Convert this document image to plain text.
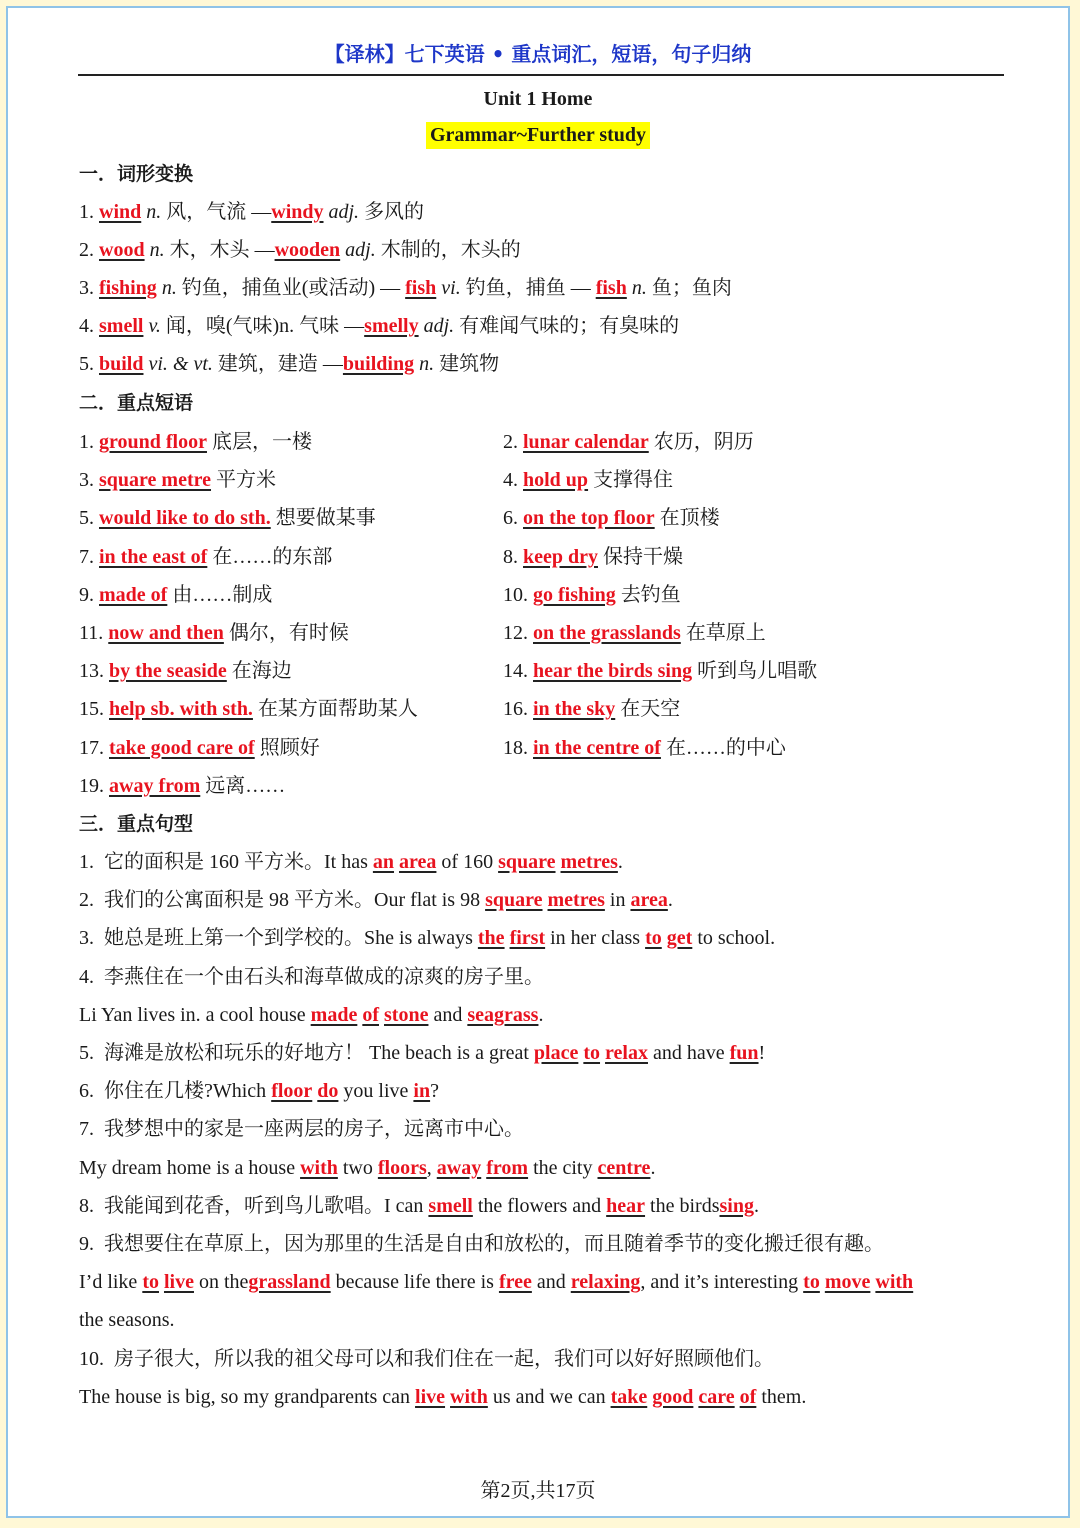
【译林】七下英语 • 重点词汇，短语，句子归纳
Unit 1 Home
Grammar~Further study
一．词形变换
1. wind n. 风，气流 —windy adj. 多风的
2. wood n. 木，木头 —wooden adj. 木制的，木头的
3. fishing n. 钓鱼，捕鱼业(或活动) — fish vi. 钓鱼，捕鱼 — fish n. 鱼；鱼肉
4. smell v. 闻，嗅(气味)n. 气味 —smelly adj. 有难闻气味的；有臭味的
5. build vi. & vt. 建筑，建造 —building n. 建筑物
二．重点短语
1. ground floor 底层，一楼	2. lunar calendar 农历，阴历
3. square metre 平方米	4. hold up 支撑得住
5. would like to do sth. 想要做某事	6. on the top floor 在顶楼
7. in the east of 在……的东部	8. keep dry 保持干燥
9. made of 由……制成	10. go fishing 去钓鱼
11. now and then 偶尔，有时候	12. on the grasslands 在草原上
13. by the seaside 在海边	14. hear the birds sing 听到鸟儿唱歌
15. help sb. with sth. 在某方面帮助某人	16. in the sky 在天空
17. take good care of 照顾好	18. in the centre of 在……的中心
19. away from 远离……
三．重点句型
1.  它的面积是 160 平方米。It has an area of 160 square metres.
2.  我们的公寓面积是 98 平方米。Our flat is 98 square metres in area.
3.  她总是班上第一个到学校的。She is always the first in her class to get to school.
4.  李燕住在一个由石头和海草做成的凉爽的房子里。
Li Yan lives in. a cool house made of stone and seagrass.
5.  海滩是放松和玩乐的好地方！ The beach is a great place to relax and have fun!
6.  你住在几楼?Which floor do you live in?
7.  我梦想中的家是一座两层的房子，远离市中心。
My dream home is a house with two floors, away from the city centre.
8.  我能闻到花香，听到鸟儿歌唱。I can smell the flowers and hear the birdssing.
9.  我想要住在草原上，因为那里的生活是自由和放松的，而且随着季节的变化搬迁很有趣。
I’d like to live on thegrassland because life there is free and relaxing, and it’s interesting to move with
the seasons.
10.  房子很大，所以我的祖父母可以和我们住在一起，我们可以好好照顾他们。
The house is big, so my grandparents can live with us and we can take good care of them.
第2页,共17页
